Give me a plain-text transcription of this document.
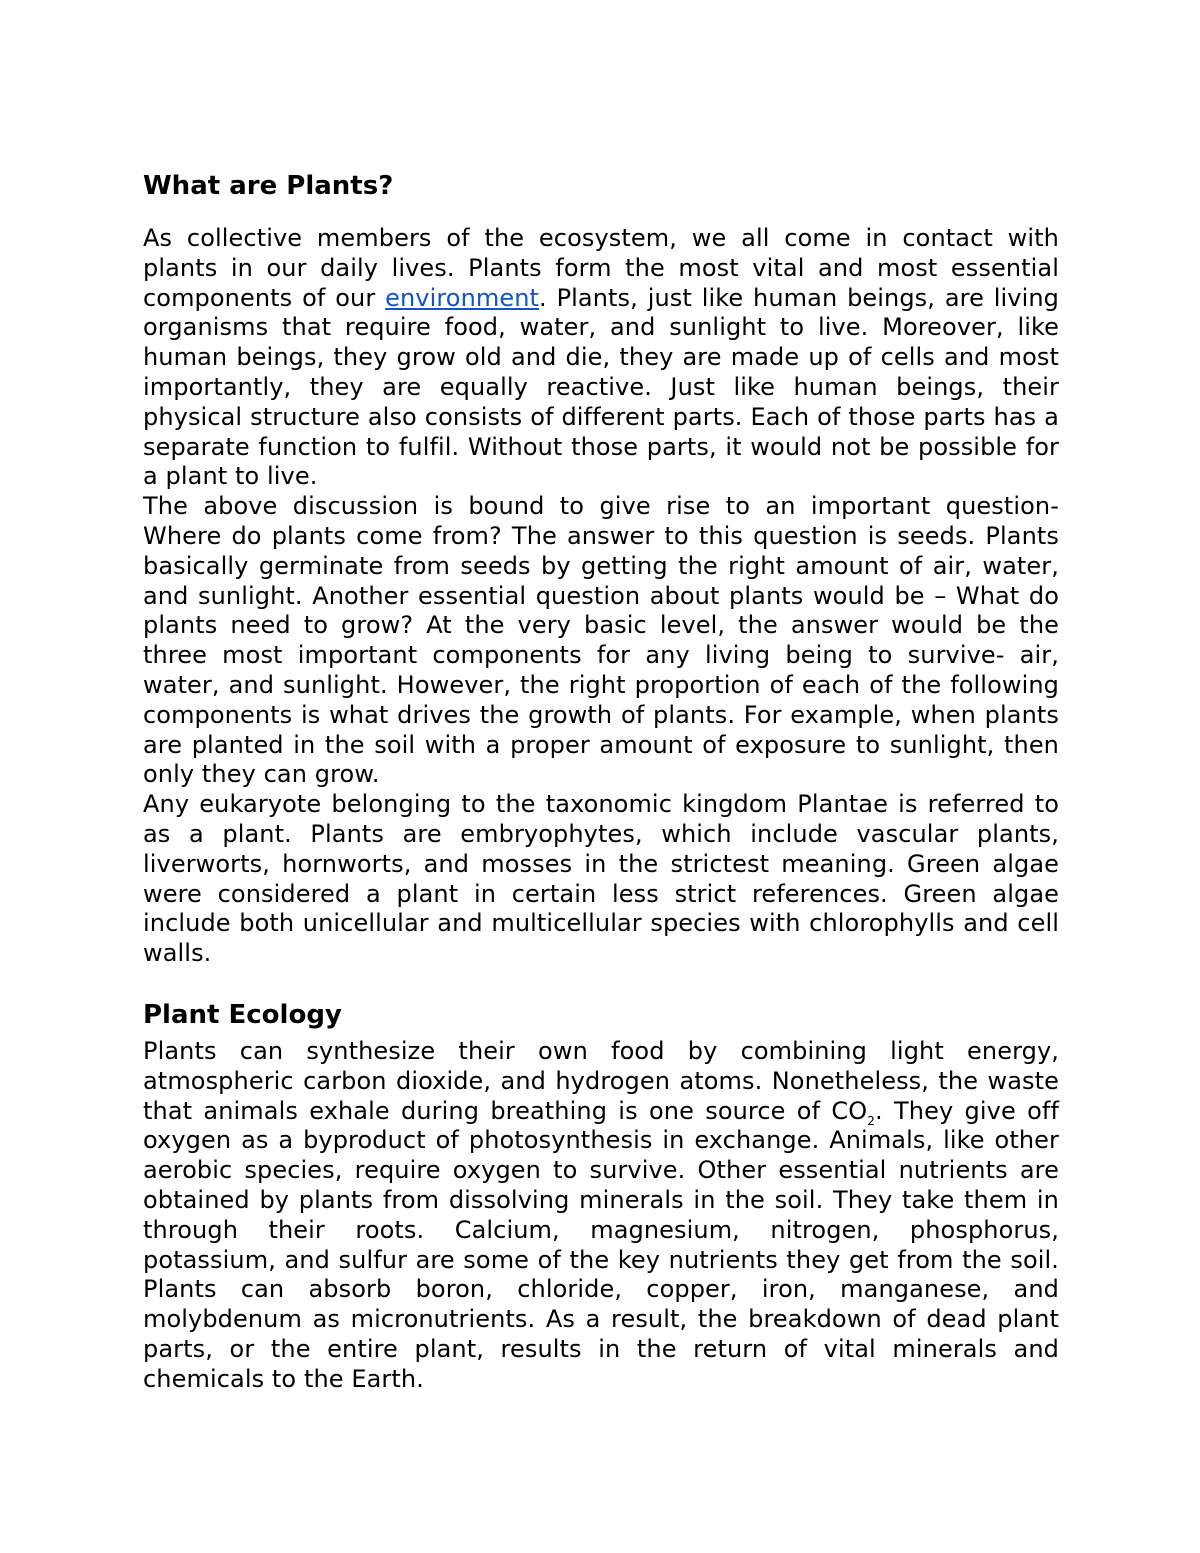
What are Plants?

As collective members of the ecosystem, we all come in contact with plants in our daily lives. Plants form the most vital and most essential components of our environment. Plants, just like human beings, are living organisms that require food, water, and sunlight to live. Moreover, like human beings, they grow old and die, they are made up of cells and most importantly, they are equally reactive. Just like human beings, their physical structure also consists of different parts. Each of those parts has a separate function to fulfil. Without those parts, it would not be possible for a plant to live.

The above discussion is bound to give rise to an important question- Where do plants come from? The answer to this question is seeds. Plants basically germinate from seeds by getting the right amount of air, water, and sunlight. Another essential question about plants would be – What do plants need to grow? At the very basic level, the answer would be the three most important components for any living being to survive- air, water, and sunlight. However, the right proportion of each of the following components is what drives the growth of plants. For example, when plants are planted in the soil with a proper amount of exposure to sunlight, then only they can grow.

Any eukaryote belonging to the taxonomic kingdom Plantae is referred to as a plant. Plants are embryophytes, which include vascular plants, liverworts, hornworts, and mosses in the strictest meaning. Green algae were considered a plant in certain less strict references. Green algae include both unicellular and multicellular species with chlorophylls and cell walls.

Plant Ecology

Plants can synthesize their own food by combining light energy, atmospheric carbon dioxide, and hydrogen atoms. Nonetheless, the waste that animals exhale during breathing is one source of $CO_2$. They give off oxygen as a byproduct of photosynthesis in exchange. Animals, like other aerobic species, require oxygen to survive. Other essential nutrients are obtained by plants from dissolving minerals in the soil. They take them in through their roots. Calcium, magnesium, nitrogen, phosphorus, potassium, and sulfur are some of the key nutrients they get from the soil. Plants can absorb boron, chloride, copper, iron, manganese, and molybdenum as micronutrients. As a result, the breakdown of dead plant parts, or the entire plant, results in the return of vital minerals and chemicals to the Earth.
